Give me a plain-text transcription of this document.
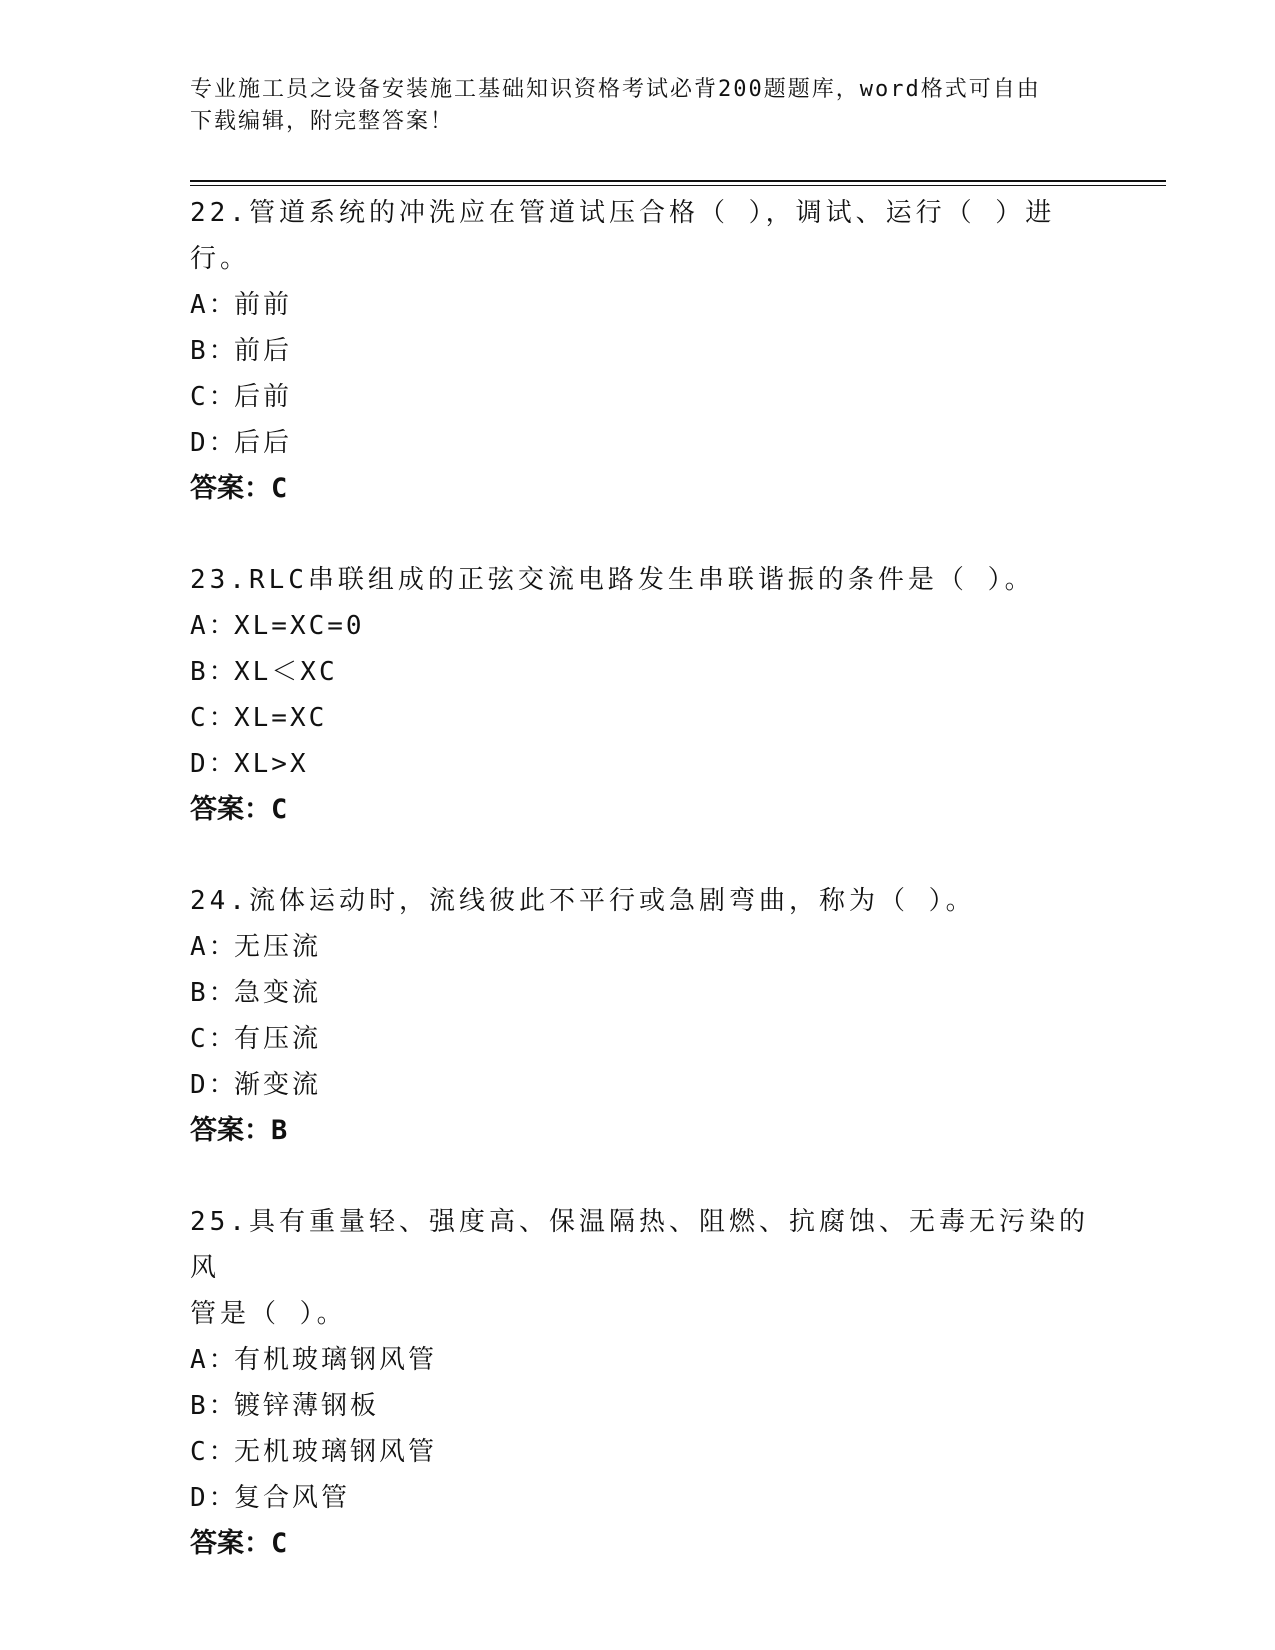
专业施工员之设备安装施工基础知识资格考试必背200题题库，word格式可自由
下载编辑，附完整答案！

22.管道系统的冲洗应在管道试压合格（ ），调试、运行（ ）进行。

A：前前

B：前后

C：后前

D：后后

答案：C

23.RLC串联组成的正弦交流电路发生串联谐振的条件是（ ）。

A：XL=XC=0

B：XL＜XC

C：XL=XC

D：XL>X

答案：C

24.流体运动时，流线彼此不平行或急剧弯曲，称为（ ）。

A：无压流

B：急变流

C：有压流

D：渐变流

答案：B

25.具有重量轻、强度高、保温隔热、阻燃、抗腐蚀、无毒无污染的风

管是（ ）。

A：有机玻璃钢风管

B：镀锌薄钢板

C：无机玻璃钢风管

D：复合风管

答案：C
